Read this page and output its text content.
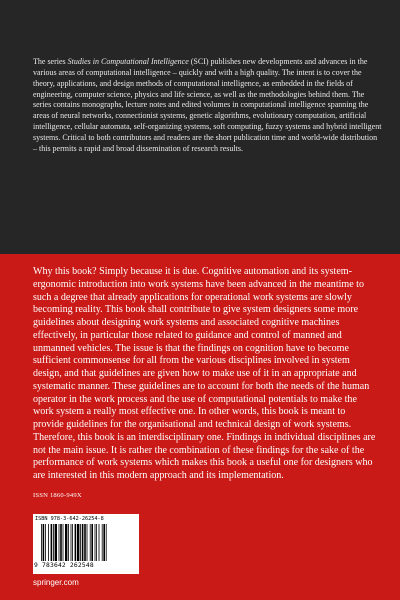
The series Studies in Computational Intelligence (SCI) publishes new developments and advances in the various areas of computational intelligence – quickly and with a high quality. The intent is to cover the theory, applications, and design methods of computational intelligence, as embedded in the fields of engineering, computer science, physics and life science, as well as the methodologies behind them. The series contains monographs, lecture notes and edited volumes in computational intelligence spanning the areas of neural networks, connectionist systems, genetic algorithms, evolutionary computation, artificial intelligence, cellular automata, self-organizing systems, soft computing, fuzzy systems and hybrid intelligent systems. Critical to both contributors and readers are the short publication time and world-wide distribution – this permits a rapid and broad dissemination of research results.
Why this book? Simply because it is due. Cognitive automation and its system-ergonomic introduction into work systems have been advanced in the meantime to such a degree that already applications for operational work systems are slowly becoming reality. This book shall contribute to give system designers some more guidelines about designing work systems and associated cognitive machines effectively, in particular those related to guidance and control of manned and unmanned vehicles. The issue is that the findings on cognition have to become sufficient commonsense for all from the various disciplines involved in system design, and that guidelines are given how to make use of it in an appropriate and systematic manner. These guidelines are to account for both the needs of the human operator in the work process and the use of computational potentials to make the work system a really most effective one. In other words, this book is meant to provide guidelines for the organisational and technical design of work systems. Therefore, this book is an interdisciplinary one. Findings in individual disciplines are not the main issue. It is rather the combination of these findings for the sake of the performance of work systems which makes this book a useful one for designers who are interested in this modern approach and its implementation.
ISSN 1860-949X
ISBN 978-3-642-26254-8
9 783642 262548
springer.com
